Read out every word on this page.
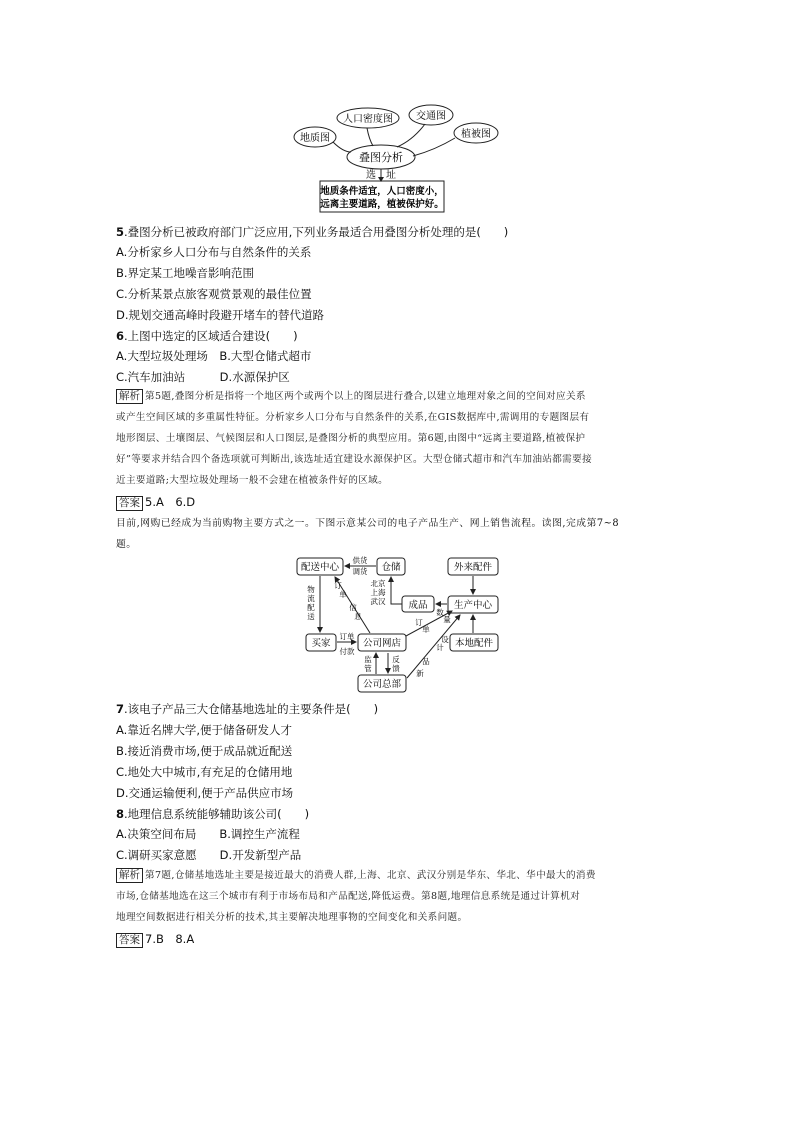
地质图
人口密度图 交通图
植被图
叠图分析
选　址
地质条件适宜，人口密度小，
远离主要道路，植被保护好。
5.叠图分析已被政府部门广泛应用,下列业务最适合用叠图分析处理的是(　　)
A.分析家乡人口分布与自然条件的关系
B.界定某工地噪音影响范围
C.分析某景点旅客观赏景观的最佳位置
D.规划交通高峰时段避开堵车的替代道路
6.上图中选定的区域适合建设(　　)
A.大型垃圾处理场　B.大型仓储式超市
C.汽车加油站　　　D.水源保护区
解析 第5题,叠图分析是指将一个地区两个或两个以上的图层进行叠合,以建立地理对象之间的空间对应关系
或产生空间区域的多重属性特征。分析家乡人口分布与自然条件的关系,在GIS数据库中,需调用的专题图层有
地形图层、土壤图层、气候图层和人口图层,是叠图分析的典型应用。第6题,由图中“远离主要道路,植被保护
好”等要求并结合四个备选项就可判断出,该选址适宜建设水源保护区。大型仓储式超市和汽车加油站都需要接
近主要道路;大型垃圾处理场一般不会建在植被条件好的区域。
答案 5.A　6.D
目前,网购已经成为当前购物主要方式之一。下图示意某公司的电子产品生产、网上销售流程。读图,完成第7~8
题。
配送中心	仓储	外来配件
成品	生产中心
买家	公司网店	本地配件
公司总部
供货
调货
北京
上海
武汉
订
单
信
息
物
流
配
送
订单
付款
数
量
订
单
设
计
新
品
监
管
反
馈
7.该电子产品三大仓储基地选址的主要条件是(　　)
A.靠近名牌大学,便于储备研发人才
B.接近消费市场,便于成品就近配送
C.地处大中城市,有充足的仓储用地
D.交通运输便利,便于产品供应市场
8.地理信息系统能够辅助该公司(　　)
A.决策空间布局　　B.调控生产流程
C.调研买家意愿　　D.开发新型产品
解析 第7题,仓储基地选址主要是接近最大的消费人群,上海、北京、武汉分别是华东、华北、华中最大的消费
市场,仓储基地选在这三个城市有利于市场布局和产品配送,降低运费。第8题,地理信息系统是通过计算机对
地理空间数据进行相关分析的技术,其主要解决地理事物的空间变化和关系问题。
答案 7.B　8.A
